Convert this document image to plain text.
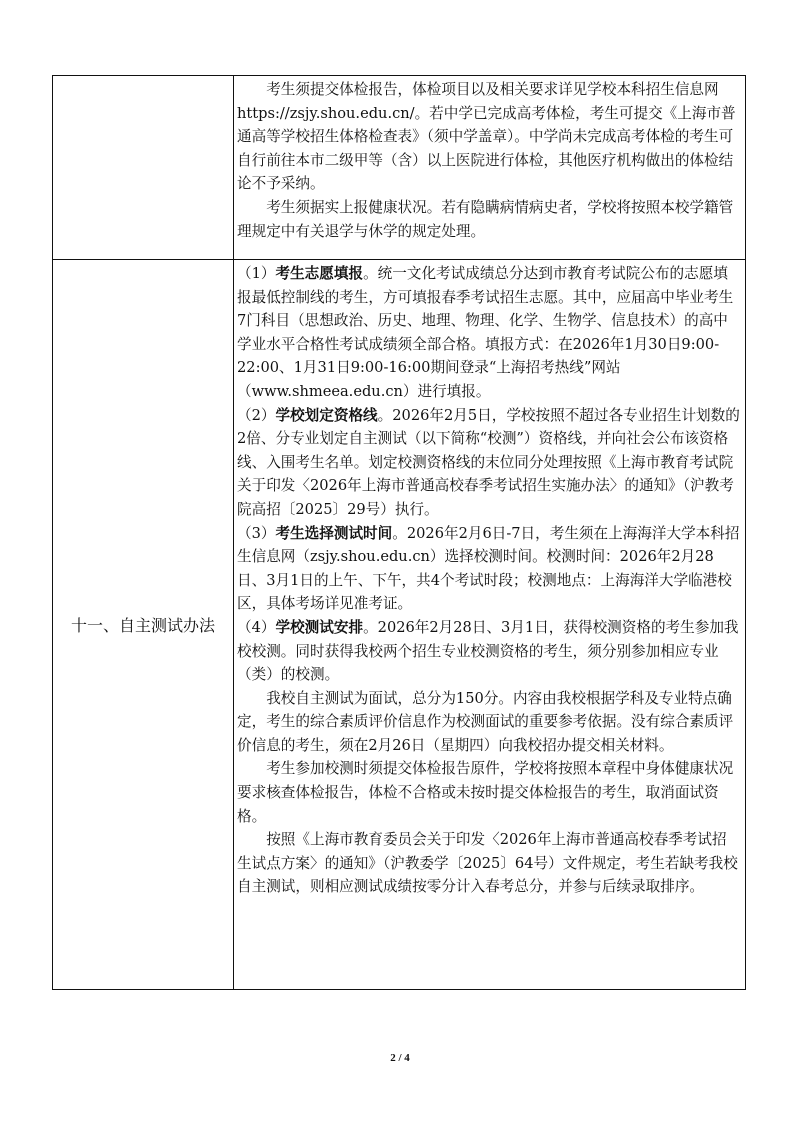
考生须提交体检报告，体检项目以及相关要求详见学校本科招生信息网 https://zsjy.shou.edu.cn/。若中学已完成高考体检，考生可提交《上海市普通高等学校招生体格检查表》（须中学盖章）。中学尚未完成高考体检的考生可自行前往本市二级甲等（含）以上医院进行体检，其他医疗机构做出的体检结论不予采纳。

考生须据实上报健康状况。若有隐瞒病情病史者，学校将按照本校学籍管理规定中有关退学与休学的规定处理。

十一、自主测试办法

（1）考生志愿填报。统一文化考试成绩总分达到市教育考试院公布的志愿填报最低控制线的考生，方可填报春季考试招生志愿。其中，应届高中毕业考生7门科目（思想政治、历史、地理、物理、化学、生物学、信息技术）的高中学业水平合格性考试成绩须全部合格。填报方式：在2026年1月30日9:00-22:00、1月31日9:00-16:00期间登录“上海招考热线”网站（www.shmeea.edu.cn）进行填报。

（2）学校划定资格线。2026年2月5日，学校按照不超过各专业招生计划数的2倍、分专业划定自主测试（以下简称“校测”）资格线，并向社会公布该资格线、入围考生名单。划定校测资格线的末位同分处理按照《上海市教育考试院关于印发〈2026年上海市普通高校春季考试招生实施办法〉的通知》（沪教考院高招〔2025〕29号）执行。

（3）考生选择测试时间。2026年2月6日-7日，考生须在上海海洋大学本科招生信息网（zsjy.shou.edu.cn）选择校测时间。校测时间：2026年2月28日、3月1日的上午、下午，共4个考试时段；校测地点：上海海洋大学临港校区，具体考场详见准考证。

（4）学校测试安排。2026年2月28日、3月1日，获得校测资格的考生参加我校校测。同时获得我校两个招生专业校测资格的考生，须分别参加相应专业（类）的校测。

我校自主测试为面试，总分为150分。内容由我校根据学科及专业特点确定，考生的综合素质评价信息作为校测面试的重要参考依据。没有综合素质评价信息的考生，须在2月26日（星期四）向我校招办提交相关材料。

考生参加校测时须提交体检报告原件，学校将按照本章程中身体健康状况要求核查体检报告，体检不合格或未按时提交体检报告的考生，取消面试资格。

按照《上海市教育委员会关于印发〈2026年上海市普通高校春季考试招生试点方案〉的通知》（沪教委学〔2025〕64号）文件规定，考生若缺考我校自主测试，则相应测试成绩按零分计入春考总分，并参与后续录取排序。

2 / 4
